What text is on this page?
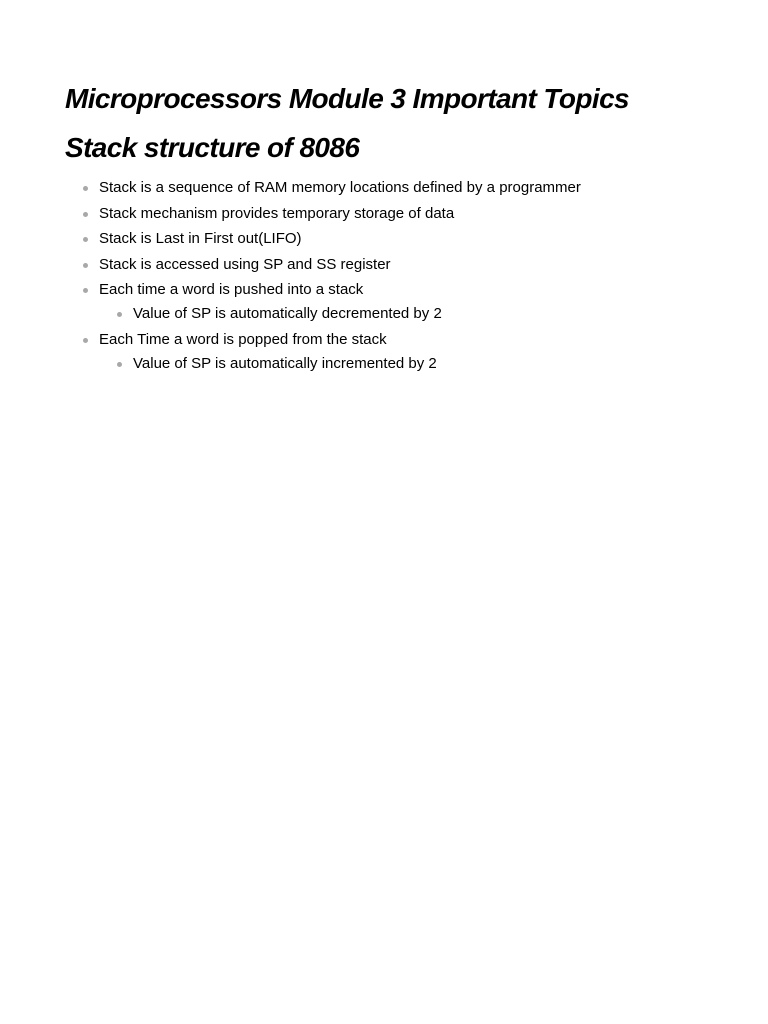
Microprocessors Module 3 Important Topics
Stack structure of 8086
Stack is a sequence of RAM memory locations defined by a programmer
Stack mechanism provides temporary storage of data
Stack is Last in First out(LIFO)
Stack is accessed using SP and SS register
Each time a word is pushed into a stack
Value of SP is automatically decremented by 2
Each Time a word is popped from the stack
Value of SP is automatically incremented by 2
